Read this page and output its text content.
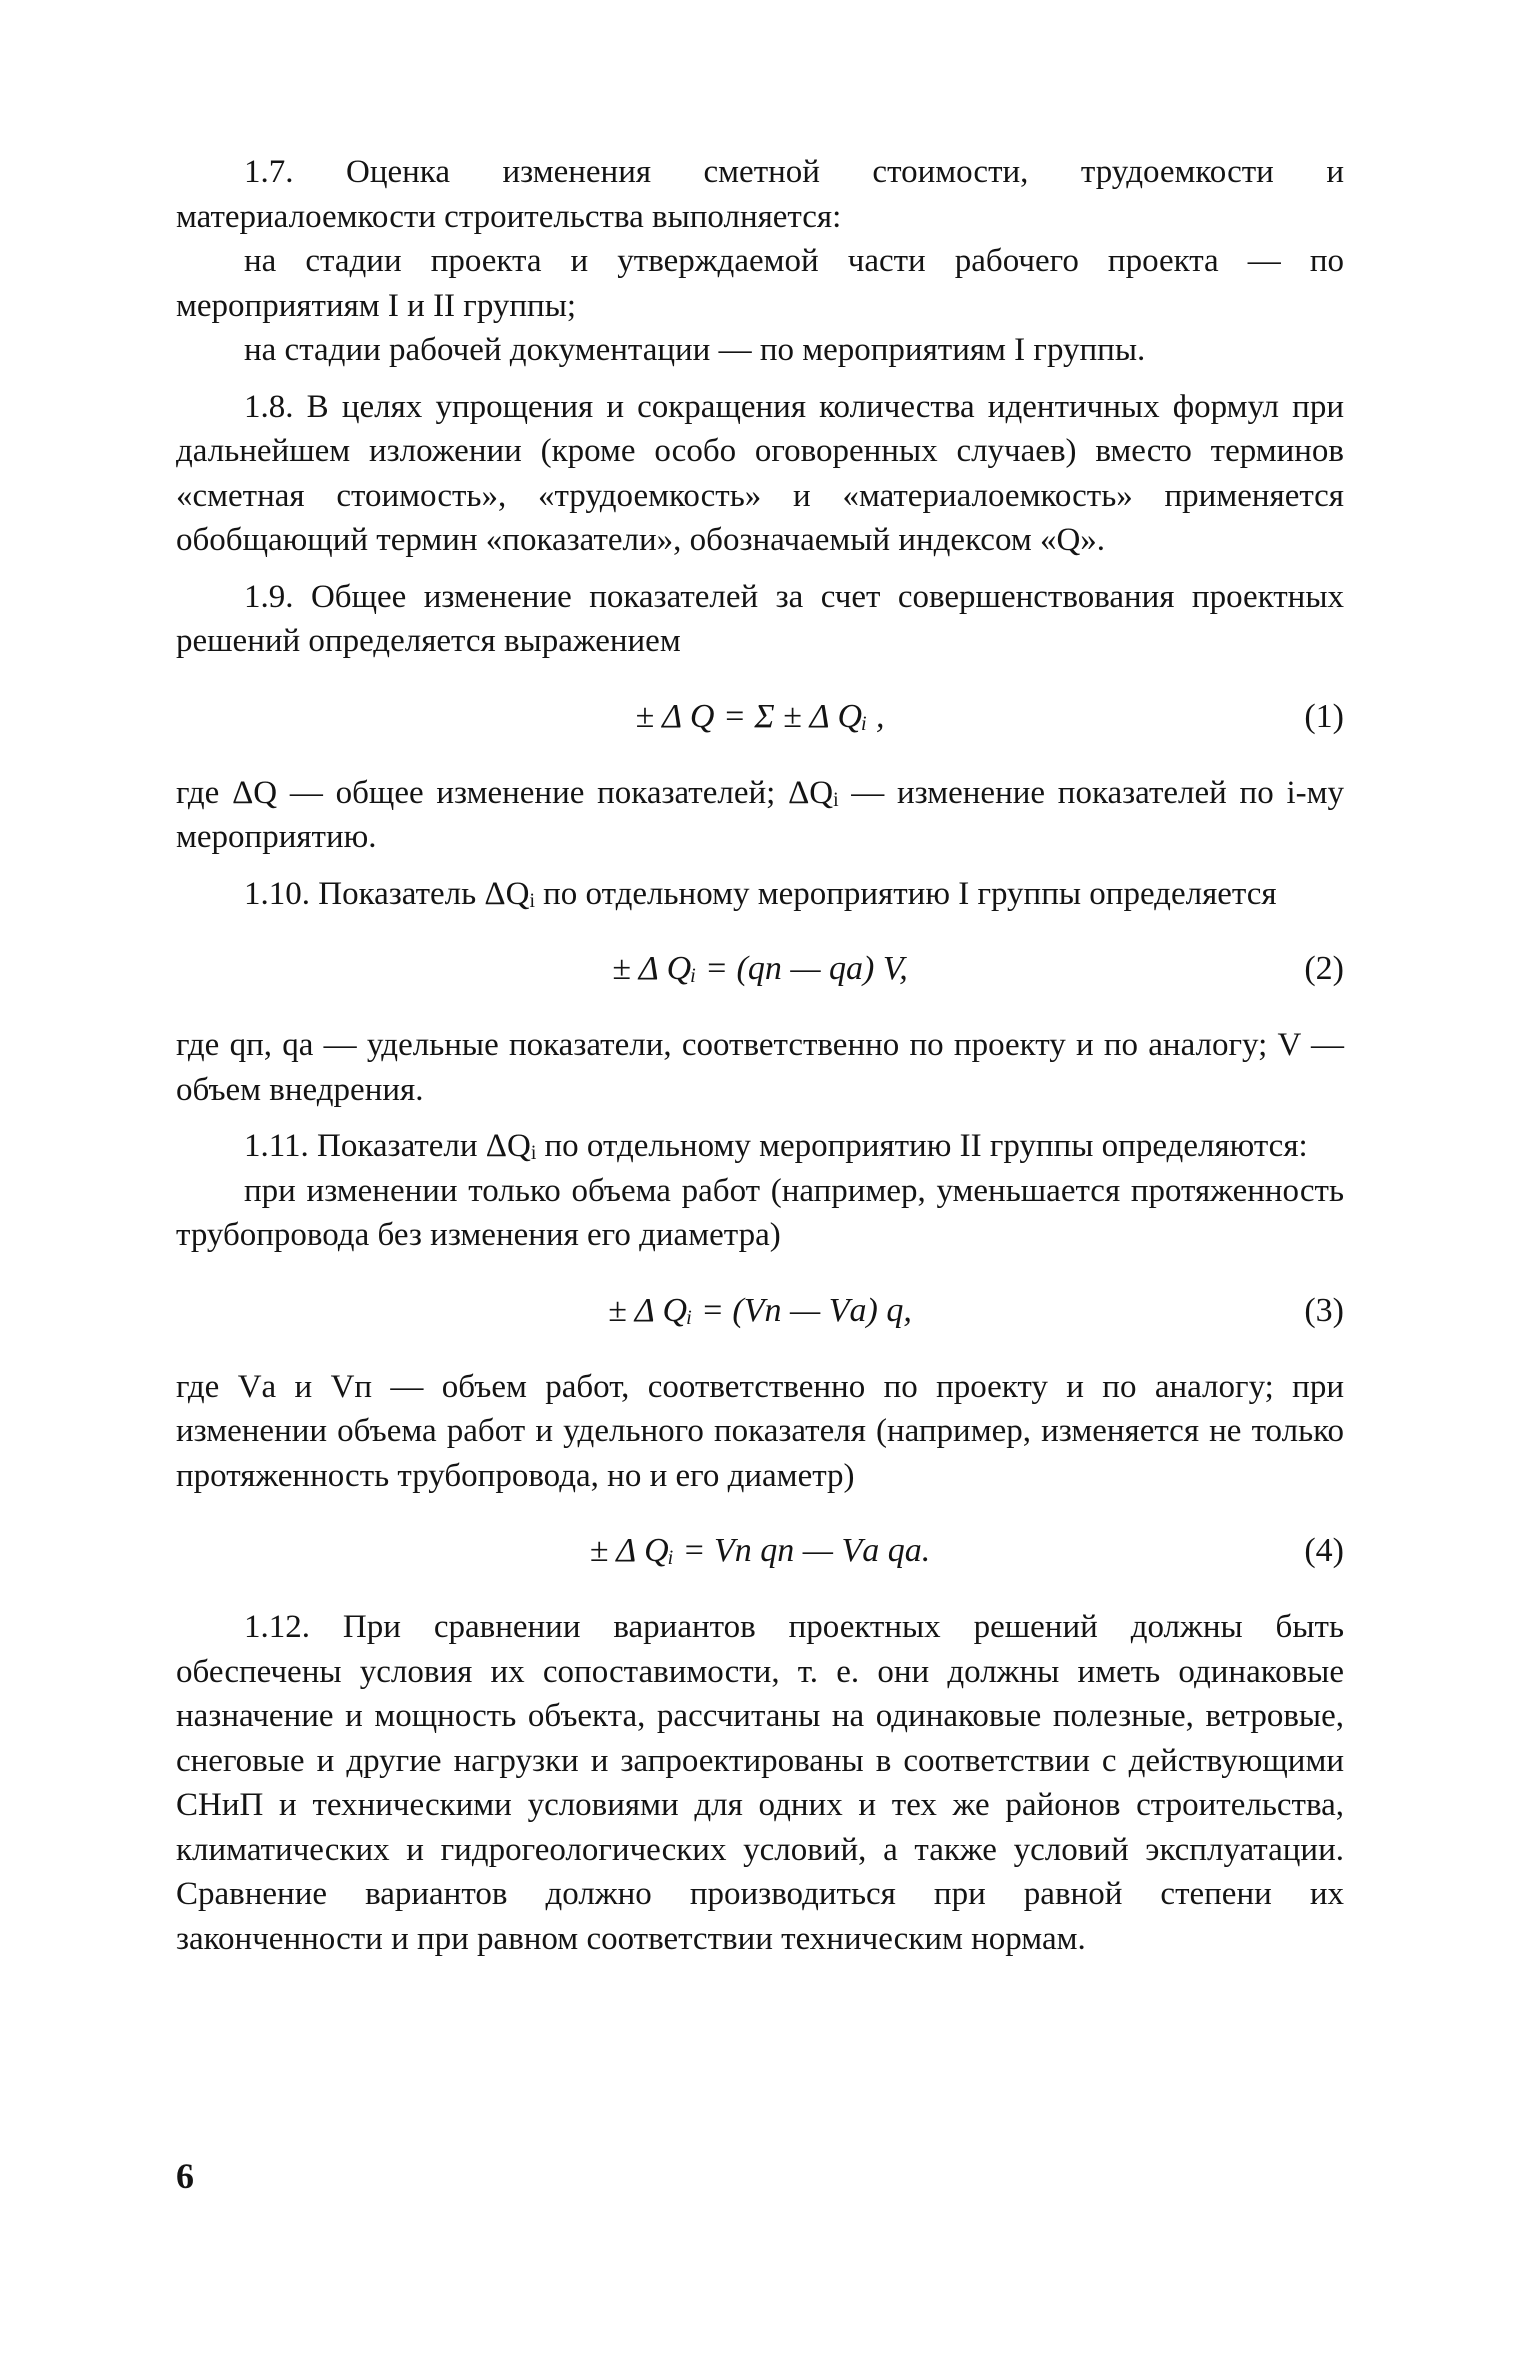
1.7. Оценка изменения сметной стоимости, трудоемкости и материалоемкости строительства выполняется:

на стадии проекта и утверждаемой части рабочего проекта — по мероприятиям I и II группы;

на стадии рабочей документации — по мероприятиям I группы.

1.8. В целях упрощения и сокращения количества идентичных формул при дальнейшем изложении (кроме особо оговоренных случаев) вместо терминов «сметная стоимость», «трудоемкость» и «материалоемкость» применяется обобщающий термин «показатели», обозначаемый индексом «Q».

1.9. Общее изменение показателей за счет совершенствования проектных решений определяется выражением

± Δ Q = Σ ± Δ Qᵢ ,	(1)

где ΔQ — общее изменение показателей; ΔQᵢ — изменение показателей по i-му мероприятию.

1.10. Показатель ΔQᵢ по отдельному мероприятию I группы определяется

± Δ Qᵢ = (qп — qа) V,	(2)

где qп, qа — удельные показатели, соответственно по проекту и по аналогу; V — объем внедрения.

1.11. Показатели ΔQᵢ по отдельному мероприятию II группы определяются:

при изменении только объема работ (например, уменьшается протяженность трубопровода без изменения его диаметра)

± Δ Qᵢ = (Vп — Vа) q,	(3)

где Vа и Vп — объем работ, соответственно по проекту и по аналогу; при изменении объема работ и удельного показателя (например, изменяется не только протяженность трубопровода, но и его диаметр)

± Δ Qᵢ = Vп qп — Vа qа.	(4)

1.12. При сравнении вариантов проектных решений должны быть обеспечены условия их сопоставимости, т. е. они должны иметь одинаковые назначение и мощность объекта, рассчитаны на одинаковые полезные, ветровые, снеговые и другие нагрузки и запроектированы в соответствии с действующими СНиП и техническими условиями для одних и тех же районов строительства, климатических и гидрогеологических условий, а также условий эксплуатации. Сравнение вариантов должно производиться при равной степени их законченности и при равном соответствии техническим нормам.

6
